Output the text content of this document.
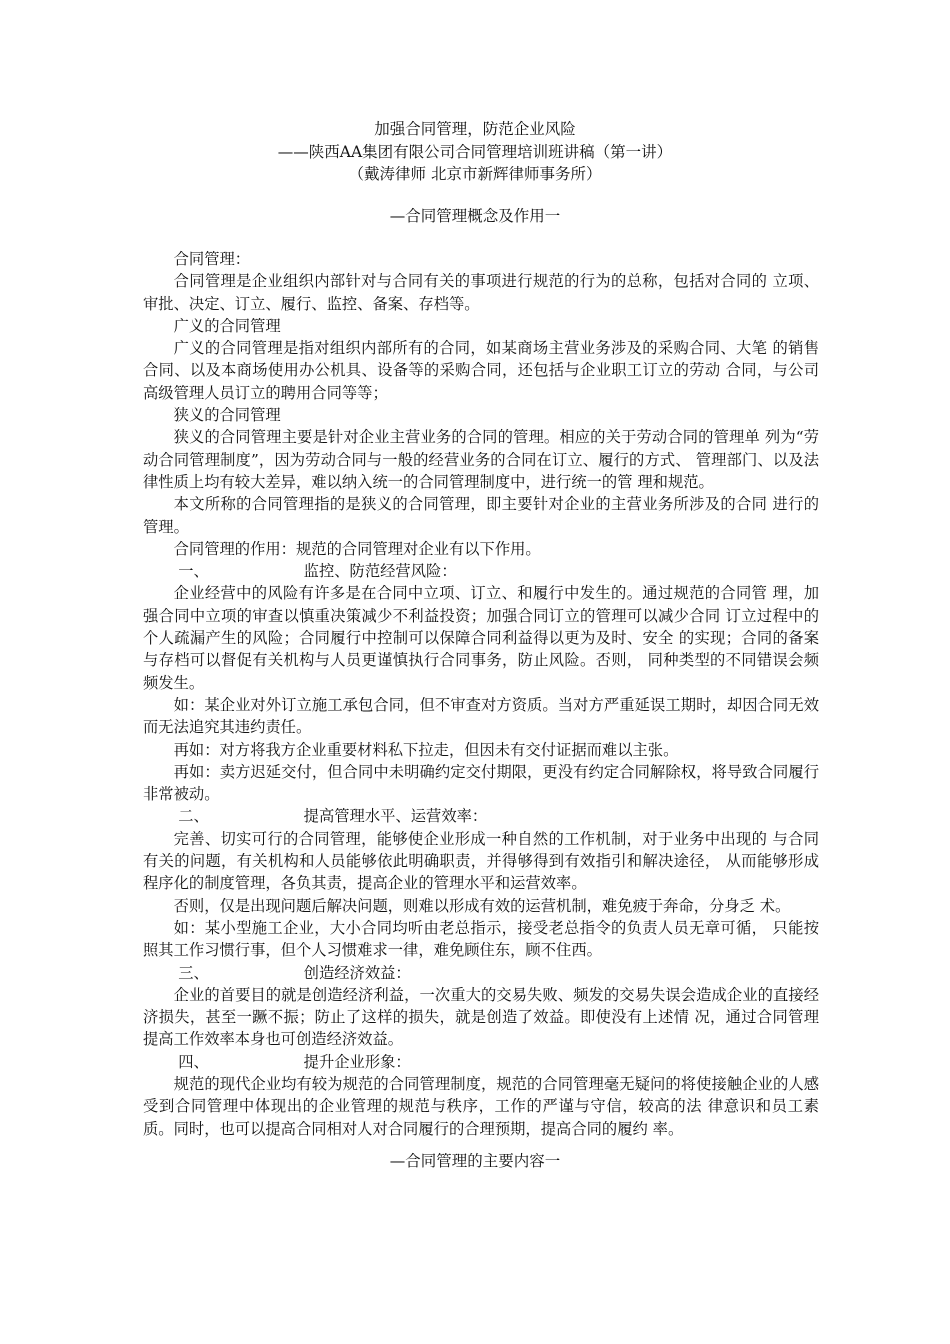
加强合同管理，防范企业风险
——陕西AA集团有限公司合同管理培训班讲稿（第一讲）
（戴涛律师 北京市新辉律师事务所）
—合同管理概念及作用一

合同管理：

合同管理是企业组织内部针对与合同有关的事项进行规范的行为的总称，包括对合同的 立项、审批、决定、订立、履行、监控、备案、存档等。

广义的合同管理

广义的合同管理是指对组织内部所有的合同，如某商场主营业务涉及的采购合同、大笔 的销售合同、以及本商场使用办公机具、设备等的采购合同，还包括与企业职工订立的劳动 合同，与公司高级管理人员订立的聘用合同等等；

狭义的合同管理

狭义的合同管理主要是针对企业主营业务的合同的管理。相应的关于劳动合同的管理单 列为“劳动合同管理制度”，因为劳动合同与一般的经营业务的合同在订立、履行的方式、 管理部门、以及法律性质上均有较大差异，难以纳入统一的合同管理制度中，进行统一的管 理和规范。

本文所称的合同管理指的是狭义的合同管理，即主要针对企业的主营业务所涉及的合同 进行的管理。

合同管理的作用：规范的合同管理对企业有以下作用。

一、	监控、防范经营风险：

企业经营中的风险有许多是在合同中立项、订立、和履行中发生的。通过规范的合同管 理，加强合同中立项的审查以慎重决策减少不利益投资；加强合同订立的管理可以减少合同 订立过程中的个人疏漏产生的风险；合同履行中控制可以保障合同利益得以更为及时、安全 的实现；合同的备案与存档可以督促有关机构与人员更谨慎执行合同事务，防止风险。否则， 同种类型的不同错误会频频发生。

如：某企业对外订立施工承包合同，但不审查对方资质。当对方严重延误工期时，却因合同无效而无法追究其违约责任。

再如：对方将我方企业重要材料私下拉走，但因未有交付证据而难以主张。

再如：卖方迟延交付，但合同中未明确约定交付期限，更没有约定合同解除权，将导致合同履行非常被动。

二、	提高管理水平、运营效率：

完善、切实可行的合同管理，能够使企业形成一种自然的工作机制，对于业务中出现的 与合同有关的问题，有关机构和人员能够依此明确职责，并得够得到有效指引和解决途径， 从而能够形成程序化的制度管理，各负其责，提高企业的管理水平和运营效率。

否则，仅是出现问题后解决问题，则难以形成有效的运营机制，难免疲于奔命，分身乏 术。

如：某小型施工企业，大小合同均听由老总指示，接受老总指令的负责人员无章可循， 只能按照其工作习惯行事，但个人习惯难求一律，难免顾住东，顾不住西。

三、	创造经济效益：

企业的首要目的就是创造经济利益，一次重大的交易失败、频发的交易失误会造成企业的直接经济损失，甚至一蹶不振；防止了这样的损失，就是创造了效益。即使没有上述情 况，通过合同管理提高工作效率本身也可创造经济效益。

四、	提升企业形象：

规范的现代企业均有较为规范的合同管理制度，规范的合同管理毫无疑问的将使接触企业的人感受到合同管理中体现出的企业管理的规范与秩序，工作的严谨与守信，较高的法 律意识和员工素质。同时，也可以提高合同相对人对合同履行的合理预期，提高合同的履约 率。

—合同管理的主要内容一
